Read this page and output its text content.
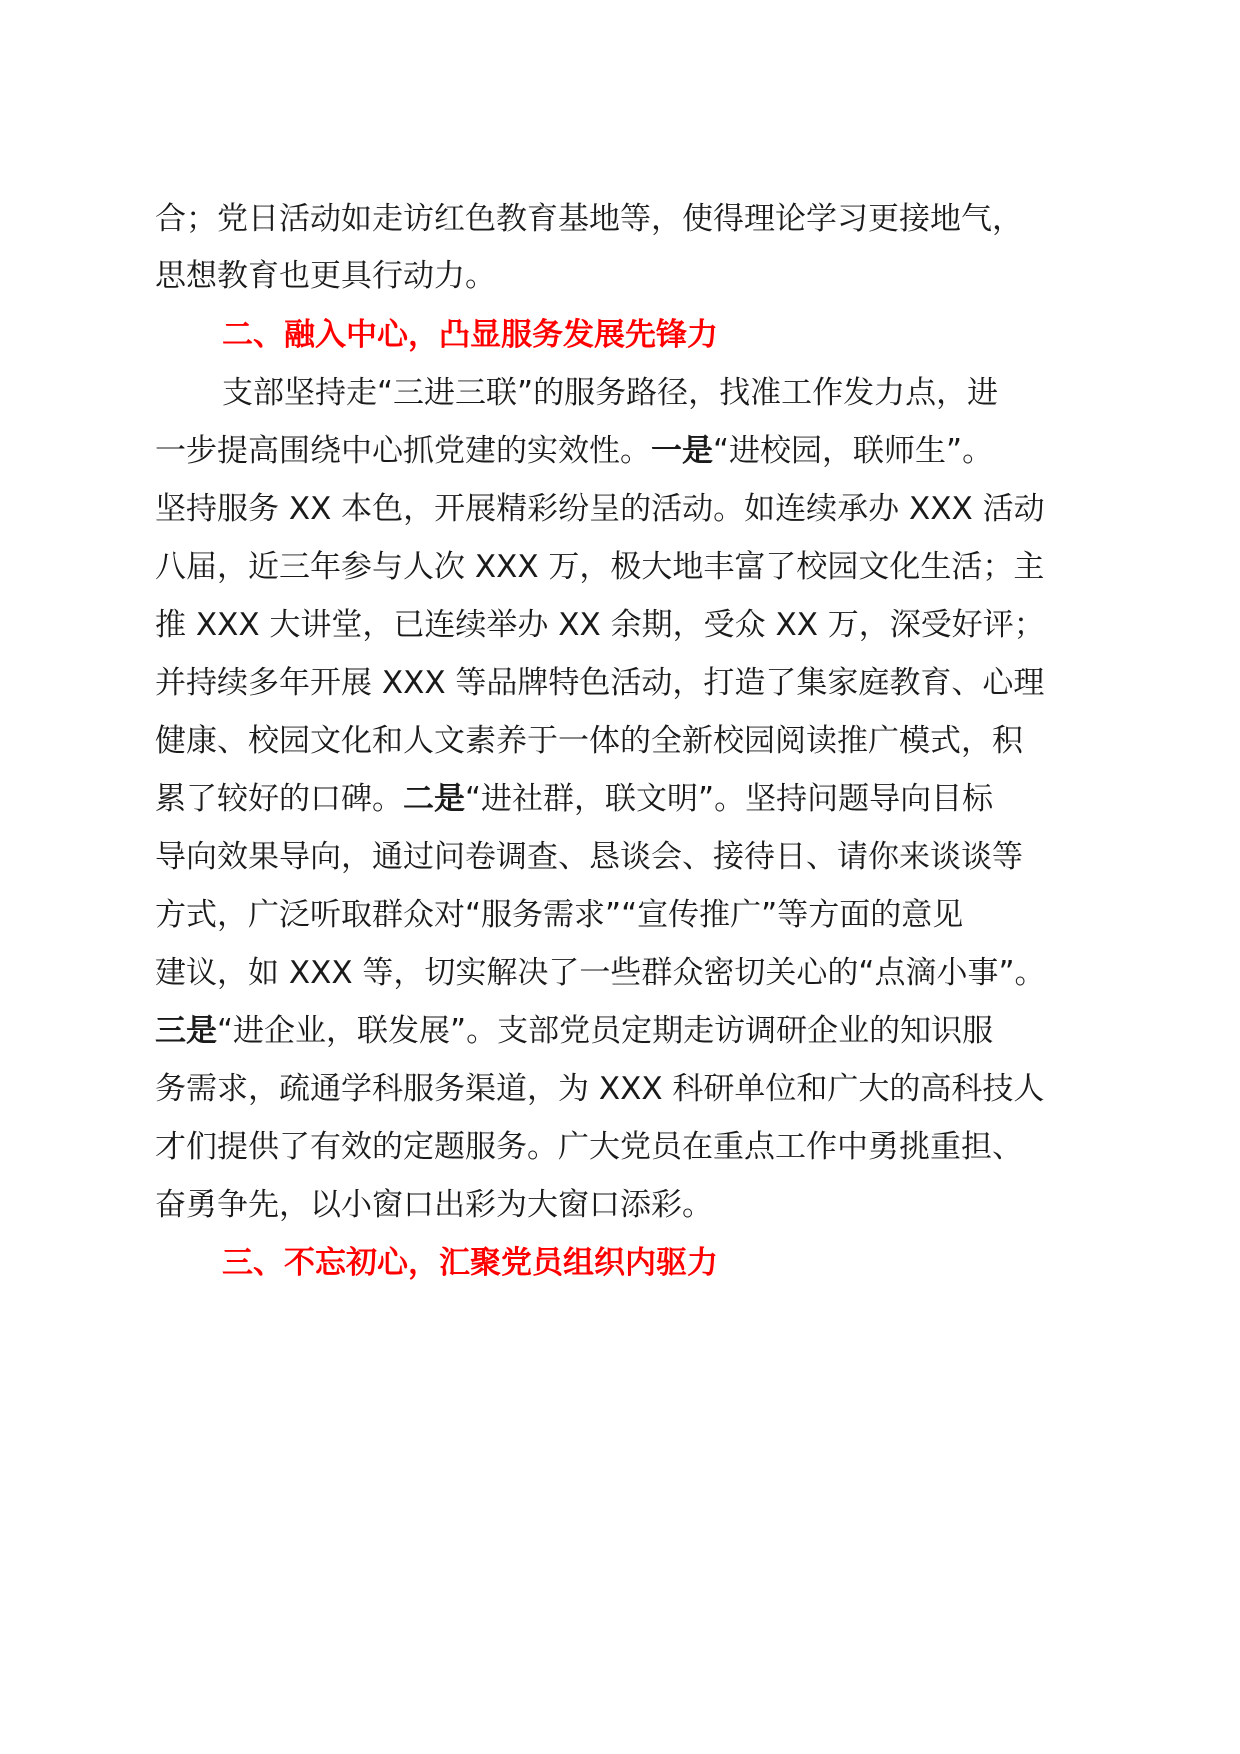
合；党日活动如走访红色教育基地等，使得理论学习更接地气，
思想教育也更具行动力。
二、融入中心，凸显服务发展先锋力
支部坚持走“三进三联”的服务路径，找准工作发力点，进
一步提高围绕中心抓党建的实效性。一是“进校园，联师生”。
坚持服务 XX 本色，开展精彩纷呈的活动。如连续承办 XXX 活动
八届，近三年参与人次 XXX 万，极大地丰富了校园文化生活；主
推 XXX 大讲堂，已连续举办 XX 余期，受众 XX 万，深受好评；
并持续多年开展 XXX 等品牌特色活动，打造了集家庭教育、心理
健康、校园文化和人文素养于一体的全新校园阅读推广模式，积
累了较好的口碑。二是“进社群，联文明”。坚持问题导向目标
导向效果导向，通过问卷调查、恳谈会、接待日、请你来谈谈等
方式，广泛听取群众对“服务需求”“宣传推广”等方面的意见
建议，如 XXX 等，切实解决了一些群众密切关心的“点滴小事”。
三是“进企业，联发展”。支部党员定期走访调研企业的知识服
务需求，疏通学科服务渠道，为 XXX 科研单位和广大的高科技人
才们提供了有效的定题服务。广大党员在重点工作中勇挑重担、
奋勇争先，以小窗口出彩为大窗口添彩。
三、不忘初心，汇聚党员组织内驱力
